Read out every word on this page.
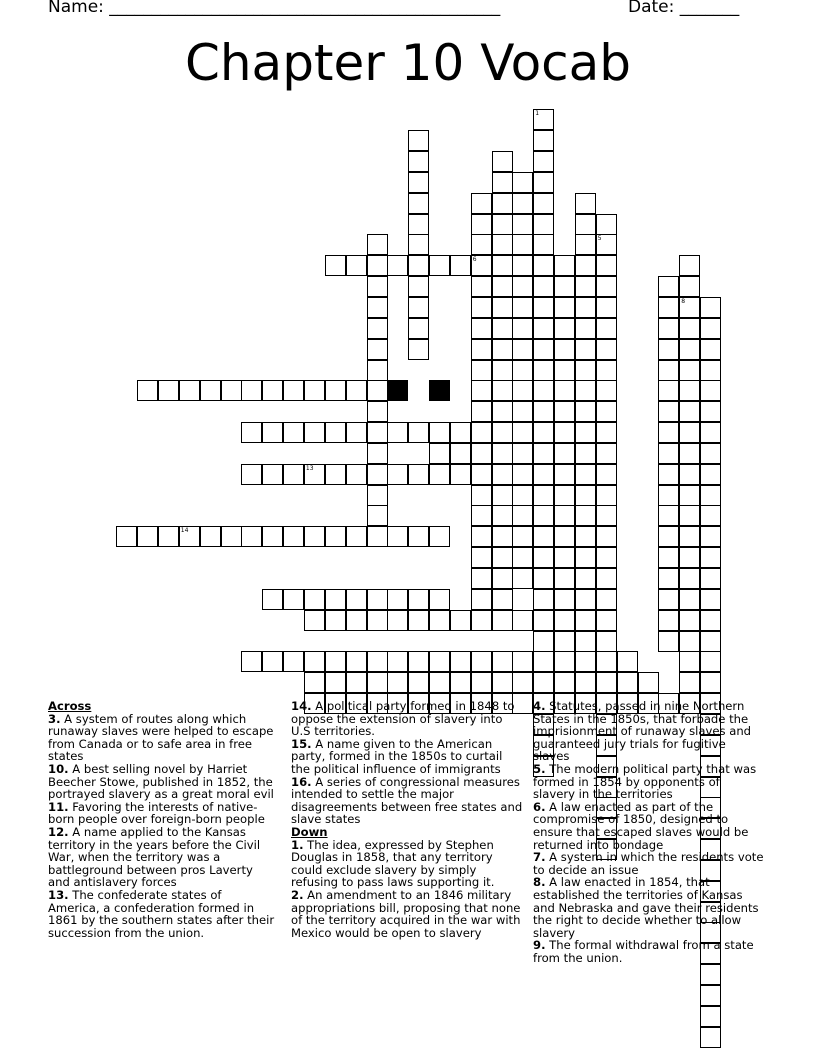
Name: ______________________________________________	Date: _______
Chapter 10 Vocab
14
13
6
1
5
8
Across
3. A system of routes along which runaway slaves were helped to escape from Canada or to safe area in free states
10. A best selling novel by Harriet Beecher Stowe, published in 1852, the portrayed slavery as a great moral evil
11. Favoring the interests of native-born people over foreign-born people
12. A name applied to the Kansas territory in the years before the Civil War, when the territory was a battleground between pros Laverty and antislavery forces
13. The confederate states of America, a confederation formed in 1861 by the southern states after their succession from the union.
14. A political party formed in 1848 to oppose the extension of slavery into U.S territories.
15. A name given to the American party, formed in the 1850s to curtail the political influence of immigrants
16. A series of congressional measures intended to settle the major disagreements between free states and slave states
Down
1. The idea, expressed by Stephen Douglas in 1858, that any territory could exclude slavery by simply refusing to pass laws supporting it.
2. An amendment to an 1846 military appropriations bill, proposing that none of the territory acquired in the war with Mexico would be open to slavery
4. Statutes, passed in nine Northern States in the 1850s, that forbade the imprisionment of runaway slaves and guaranteed jury trials for fugitive slaves
5. The modern political party that was formed in 1854 by opponents of slavery in the territories
6. A law enacted as part of the compromise of 1850, designed to ensure that escaped slaves would be returned into bondage
7. A system in which the residents vote to decide an issue
8. A law enacted in 1854, that established the territories of Kansas and Nebraska and gave their residents the right to decide whether to allow slavery
9. The formal withdrawal from a state from the union.
